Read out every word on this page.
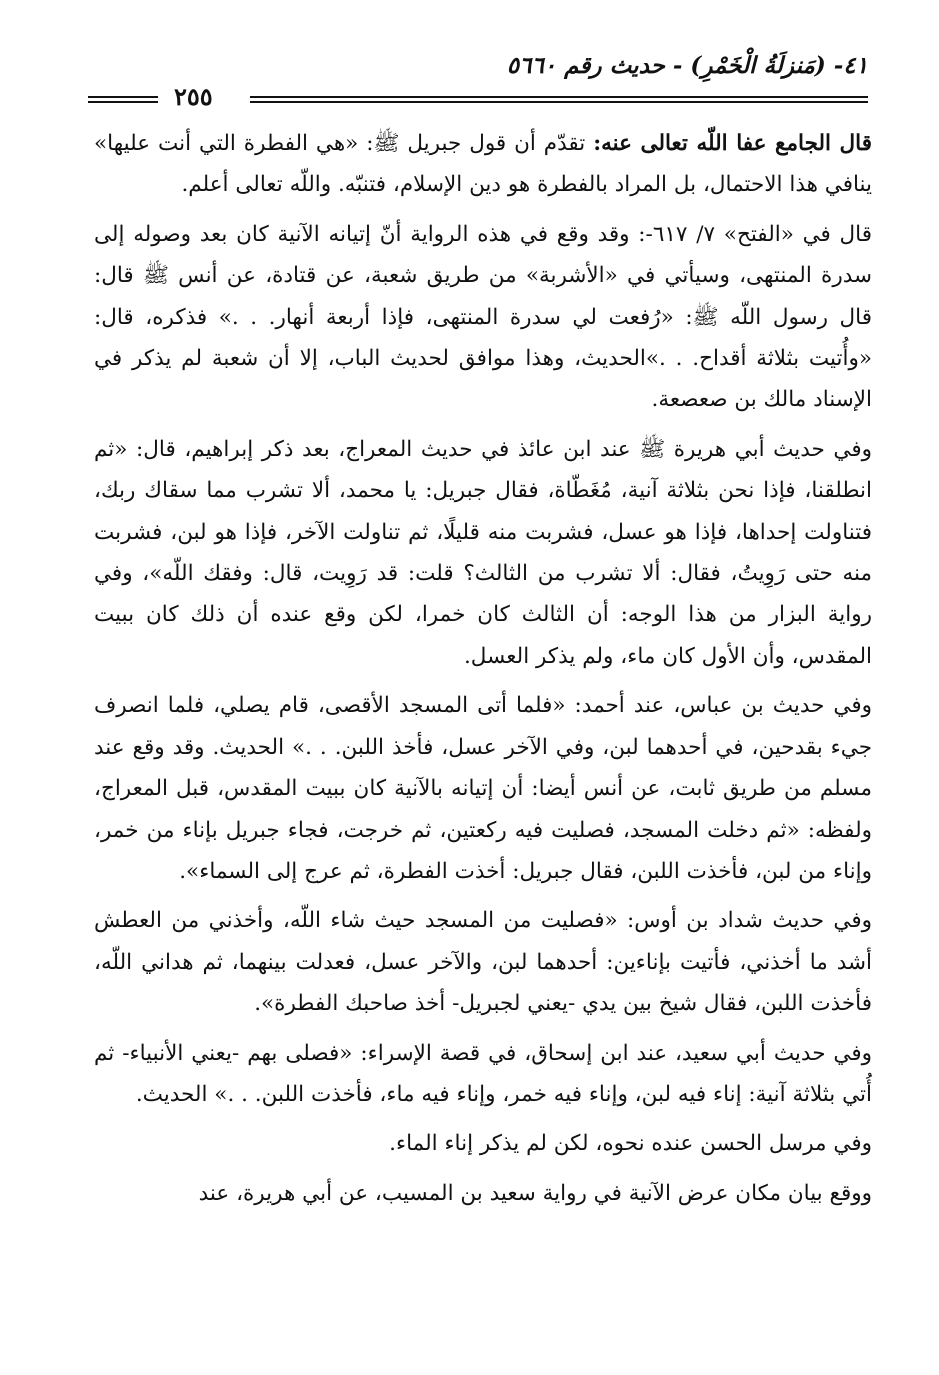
٤١- (مَنزلَةُ الْخَمْرِ) - حديث رقم ٥٦٦٠
٢٥٥

قال الجامع عفا اللّه تعالى عنه: تقدّم أن قول جبريل ﷺ: «هي الفطرة التي أنت عليها» ينافي هذا الاحتمال، بل المراد بالفطرة هو دين الإسلام، فتنبّه. واللّه تعالى أعلم.

قال في «الفتح» ٧/ ٦١٧-: وقد وقع في هذه الرواية أنّ إتيانه الآنية كان بعد وصوله إلى سدرة المنتهى، وسيأتي في «الأشربة» من طريق شعبة، عن قتادة، عن أنس ﷺ قال: قال رسول اللّه ﷺ: «رُفعت لي سدرة المنتهى، فإذا أربعة أنهار. . .» فذكره، قال: «وأُتيت بثلاثة أقداح. . .»الحديث، وهذا موافق لحديث الباب، إلا أن شعبة لم يذكر في الإسناد مالك بن صعصعة.

وفي حديث أبي هريرة ﷺ عند ابن عائذ في حديث المعراج، بعد ذكر إبراهيم، قال: «ثم انطلقنا، فإذا نحن بثلاثة آنية، مُغَطّاة، فقال جبريل: يا محمد، ألا تشرب مما سقاك ربك، فتناولت إحداها، فإذا هو عسل، فشربت منه قليلًا، ثم تناولت الآخر، فإذا هو لبن، فشربت منه حتى رَوِيتُ، فقال: ألا تشرب من الثالث؟ قلت: قد رَوِيت، قال: وفقك اللّه»، وفي رواية البزار من هذا الوجه: أن الثالث كان خمرا، لكن وقع عنده أن ذلك كان ببيت المقدس، وأن الأول كان ماء، ولم يذكر العسل.

وفي حديث بن عباس، عند أحمد: «فلما أتى المسجد الأقصى، قام يصلي، فلما انصرف جيء بقدحين، في أحدهما لبن، وفي الآخر عسل، فأخذ اللبن. . .» الحديث. وقد وقع عند مسلم من طريق ثابت، عن أنس أيضا: أن إتيانه بالآنية كان ببيت المقدس، قبل المعراج، ولفظه: «ثم دخلت المسجد، فصليت فيه ركعتين، ثم خرجت، فجاء جبريل بإناء من خمر، وإناء من لبن، فأخذت اللبن، فقال جبريل: أخذت الفطرة، ثم عرج إلى السماء».

وفي حديث شداد بن أوس: «فصليت من المسجد حيث شاء اللّه، وأخذني من العطش أشد ما أخذني، فأتيت بإناءين: أحدهما لبن، والآخر عسل، فعدلت بينهما، ثم هداني اللّه، فأخذت اللبن، فقال شيخ بين يدي -يعني لجبريل- أخذ صاحبك الفطرة».

وفي حديث أبي سعيد، عند ابن إسحاق، في قصة الإسراء: «فصلى بهم -يعني الأنبياء- ثم أُتي بثلاثة آنية: إناء فيه لبن، وإناء فيه خمر، وإناء فيه ماء، فأخذت اللبن. . .» الحديث.

وفي مرسل الحسن عنده نحوه، لكن لم يذكر إناء الماء.

ووقع بيان مكان عرض الآنية في رواية سعيد بن المسيب، عن أبي هريرة، عند
